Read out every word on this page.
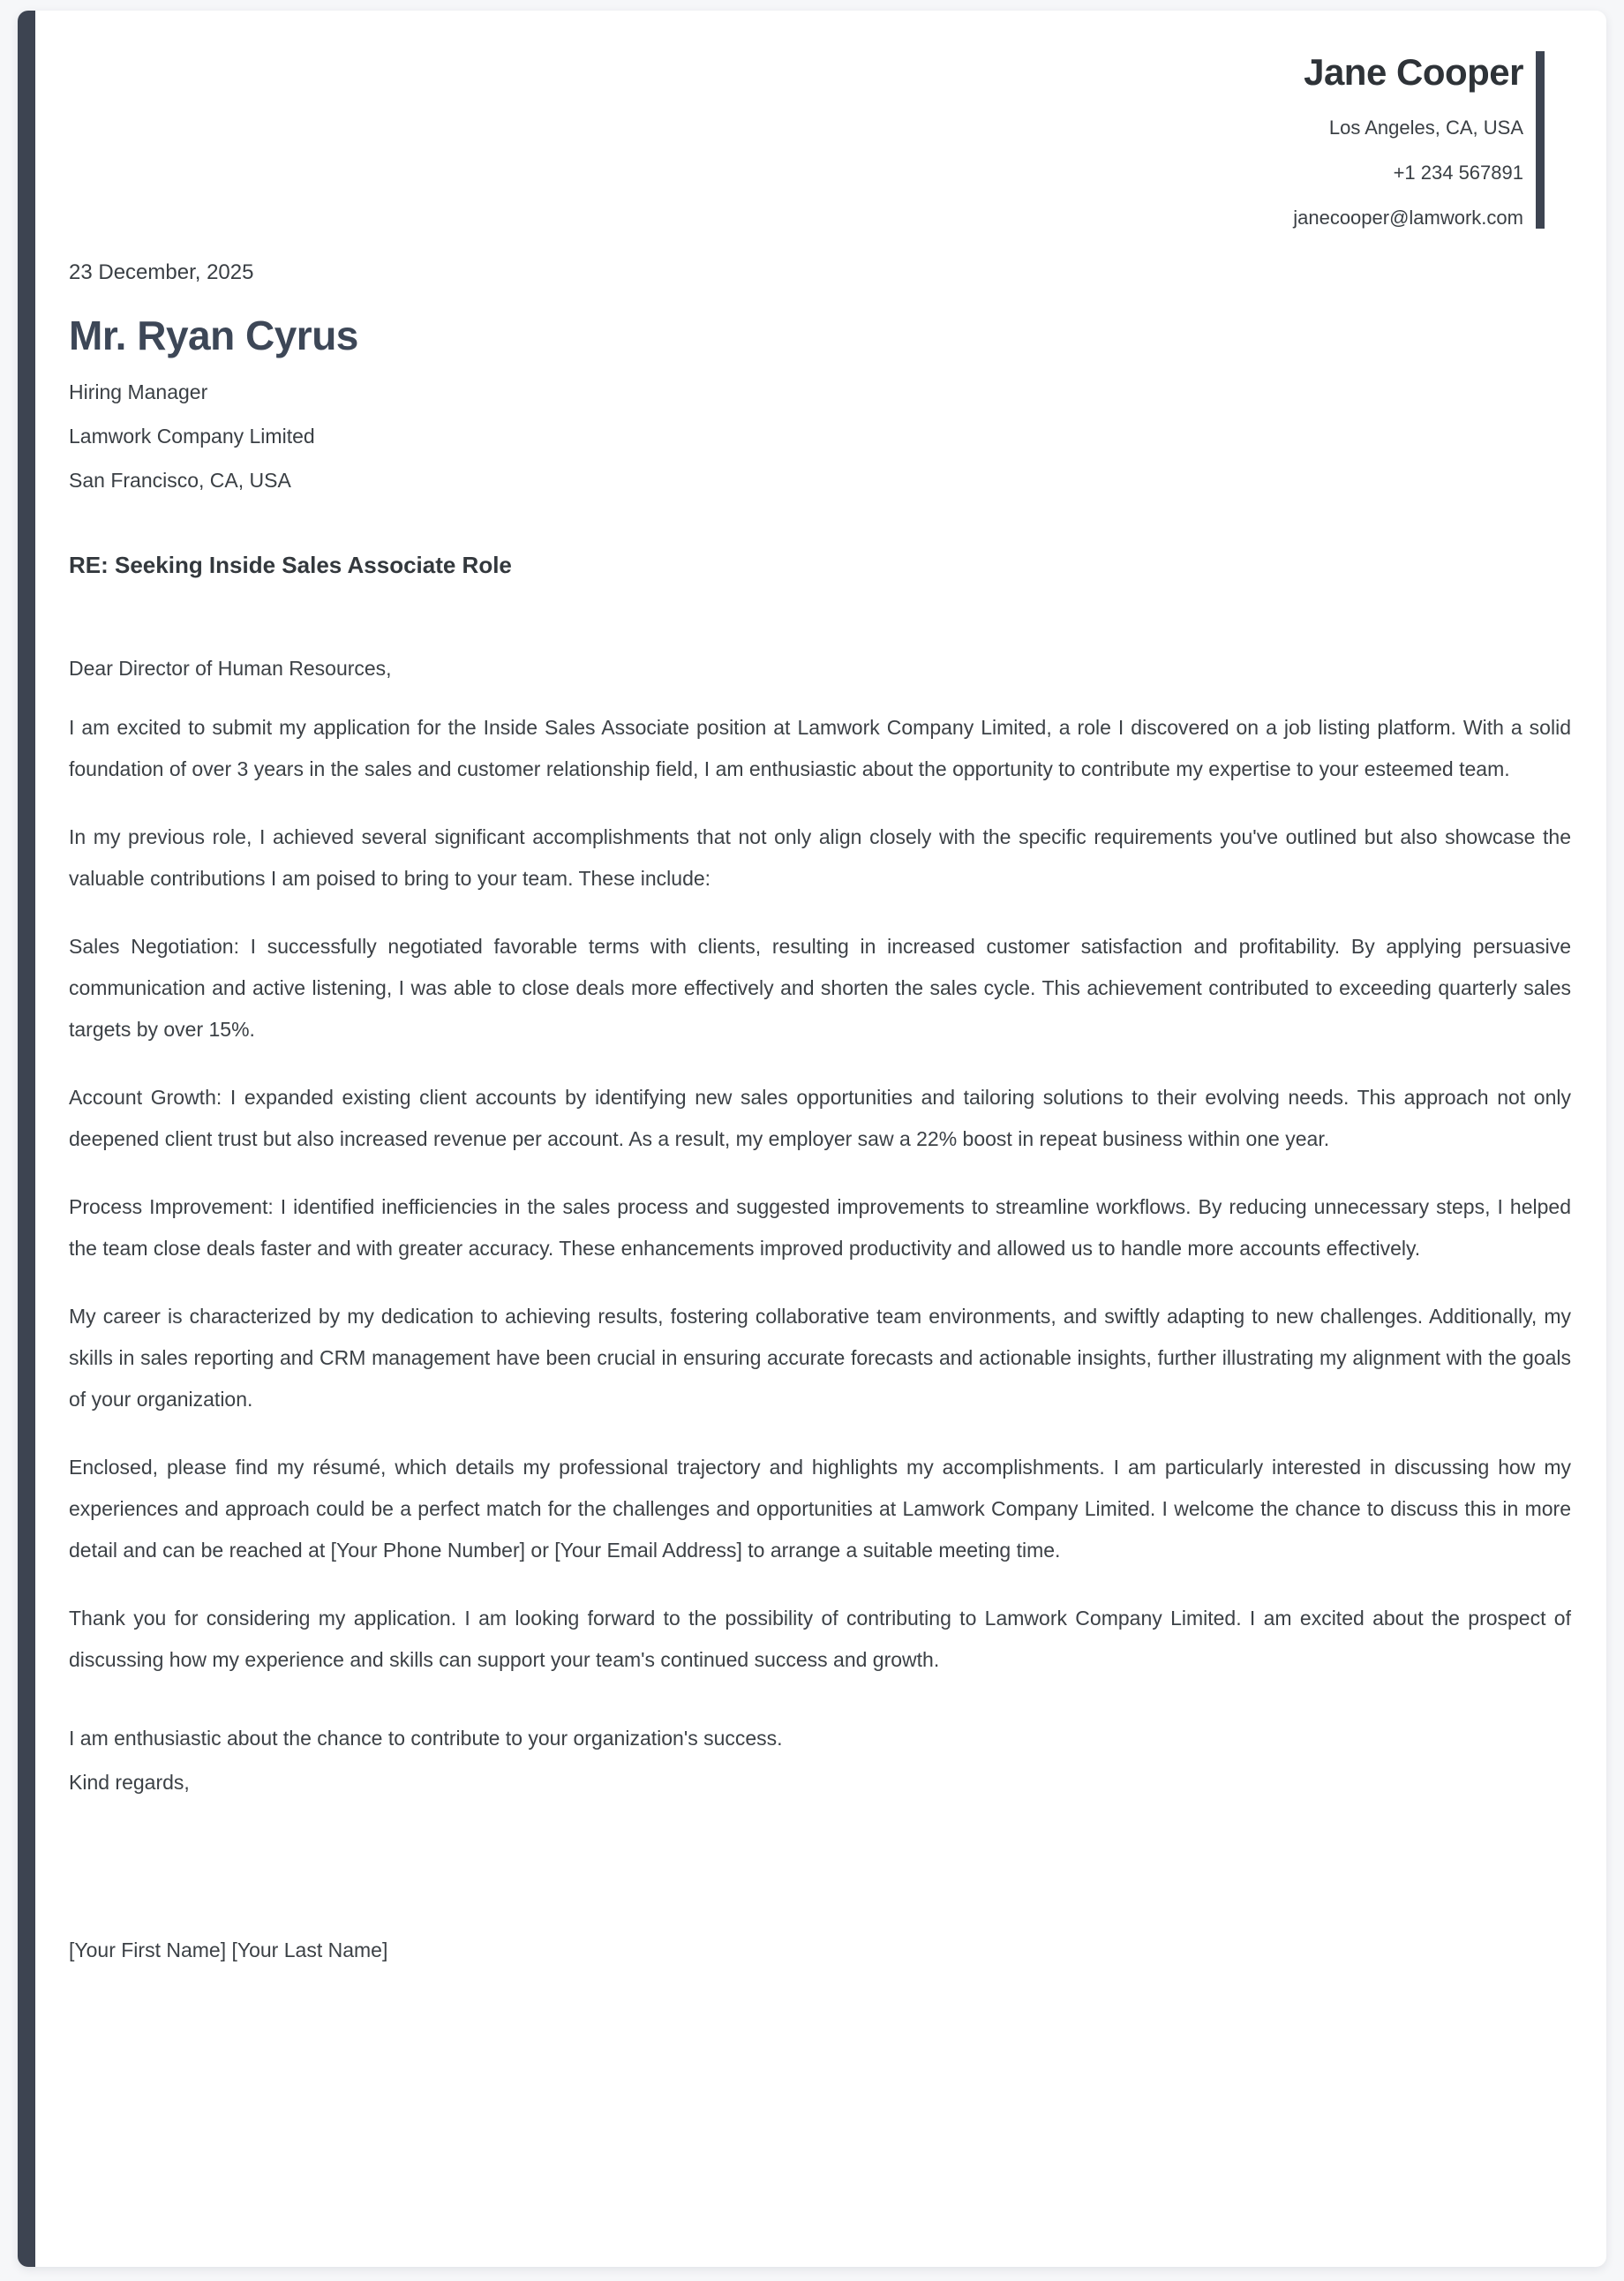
Jane Cooper
Los Angeles, CA, USA
+1 234 567891
janecooper@lamwork.com
23 December, 2025
Mr. Ryan Cyrus
Hiring Manager
Lamwork Company Limited
San Francisco, CA, USA
RE: Seeking Inside Sales Associate Role

Dear Director of Human Resources,

I am excited to submit my application for the Inside Sales Associate position at Lamwork Company Limited, a role I discovered on a job listing platform. With a solid foundation of over 3 years in the sales and customer relationship field, I am enthusiastic about the opportunity to contribute my expertise to your esteemed team.

In my previous role, I achieved several significant accomplishments that not only align closely with the specific requirements you've outlined but also showcase the valuable contributions I am poised to bring to your team. These include:

Sales Negotiation: I successfully negotiated favorable terms with clients, resulting in increased customer satisfaction and profitability. By applying persuasive communication and active listening, I was able to close deals more effectively and shorten the sales cycle. This achievement contributed to exceeding quarterly sales targets by over 15%.

Account Growth: I expanded existing client accounts by identifying new sales opportunities and tailoring solutions to their evolving needs. This approach not only deepened client trust but also increased revenue per account. As a result, my employer saw a 22% boost in repeat business within one year.

Process Improvement: I identified inefficiencies in the sales process and suggested improvements to streamline workflows. By reducing unnecessary steps, I helped the team close deals faster and with greater accuracy. These enhancements improved productivity and allowed us to handle more accounts effectively.

My career is characterized by my dedication to achieving results, fostering collaborative team environments, and swiftly adapting to new challenges. Additionally, my skills in sales reporting and CRM management have been crucial in ensuring accurate forecasts and actionable insights, further illustrating my alignment with the goals of your organization.

Enclosed, please find my résumé, which details my professional trajectory and highlights my accomplishments. I am particularly interested in discussing how my experiences and approach could be a perfect match for the challenges and opportunities at Lamwork Company Limited. I welcome the chance to discuss this in more detail and can be reached at [Your Phone Number] or [Your Email Address] to arrange a suitable meeting time.

Thank you for considering my application. I am looking forward to the possibility of contributing to Lamwork Company Limited. I am excited about the prospect of discussing how my experience and skills can support your team's continued success and growth.

I am enthusiastic about the chance to contribute to your organization's success.
Kind regards,
[Your First Name] [Your Last Name]
